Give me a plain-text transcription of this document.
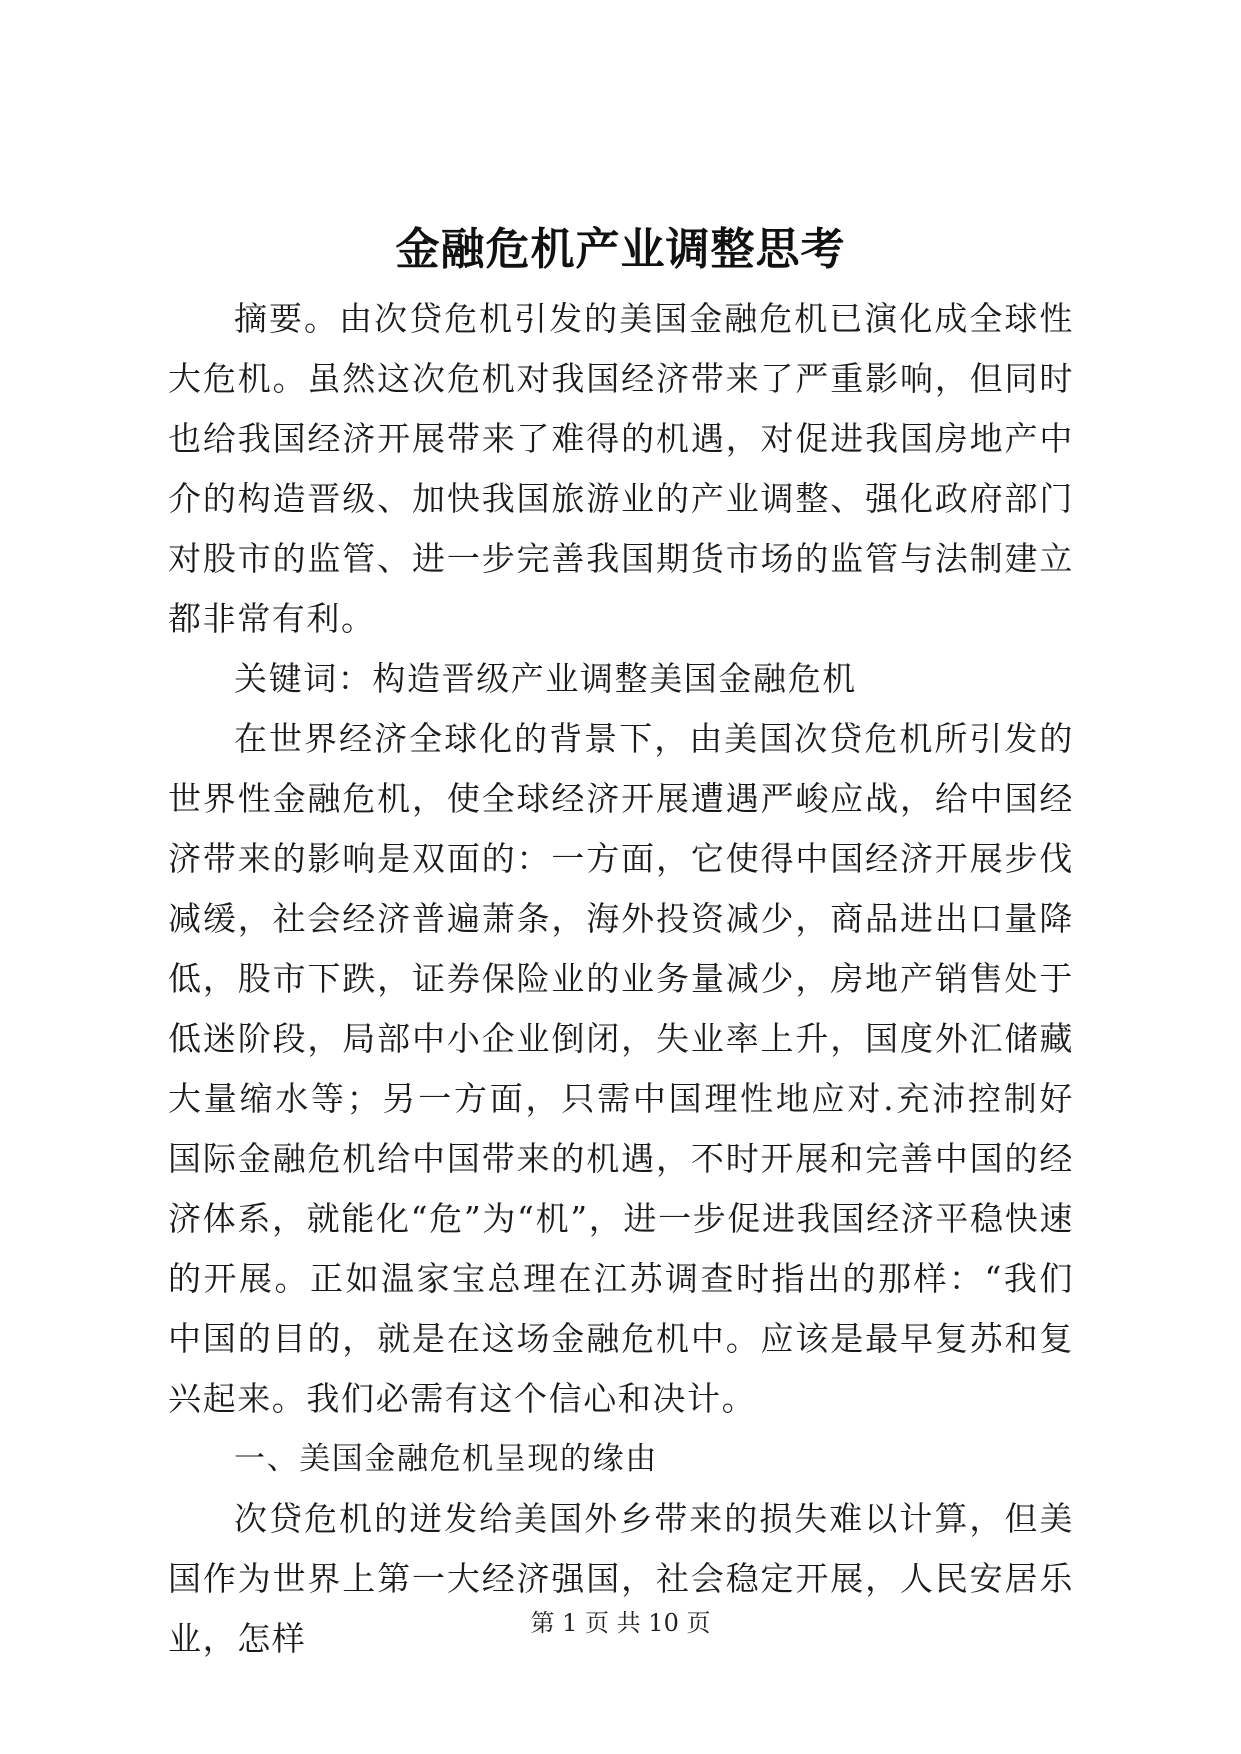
金融危机产业调整思考

摘要。由次贷危机引发的美国金融危机已演化成全球性大危机。虽然这次危机对我国经济带来了严重影响，但同时也给我国经济开展带来了难得的机遇，对促进我国房地产中介的构造晋级、加快我国旅游业的产业调整、强化政府部门对股市的监管、进一步完善我国期货市场的监管与法制建立都非常有利。

关键词：构造晋级产业调整美国金融危机

在世界经济全球化的背景下，由美国次贷危机所引发的世界性金融危机，使全球经济开展遭遇严峻应战，给中国经济带来的影响是双面的：一方面，它使得中国经济开展步伐减缓，社会经济普遍萧条，海外投资减少，商品进出口量降低，股市下跌，证券保险业的业务量减少，房地产销售处于低迷阶段，局部中小企业倒闭，失业率上升，国度外汇储藏大量缩水等；另一方面，只需中国理性地应对.充沛控制好国际金融危机给中国带来的机遇，不时开展和完善中国的经济体系，就能化“危”为“机”，进一步促进我国经济平稳快速的开展。正如温家宝总理在江苏调查时指出的那样：“我们中国的目的，就是在这场金融危机中。应该是最早复苏和复兴起来。我们必需有这个信心和决计。

一、美国金融危机呈现的缘由

次贷危机的迸发给美国外乡带来的损失难以计算，但美国作为世界上第一大经济强国，社会稳定开展，人民安居乐业，怎样	第 1 页 共 10 页
